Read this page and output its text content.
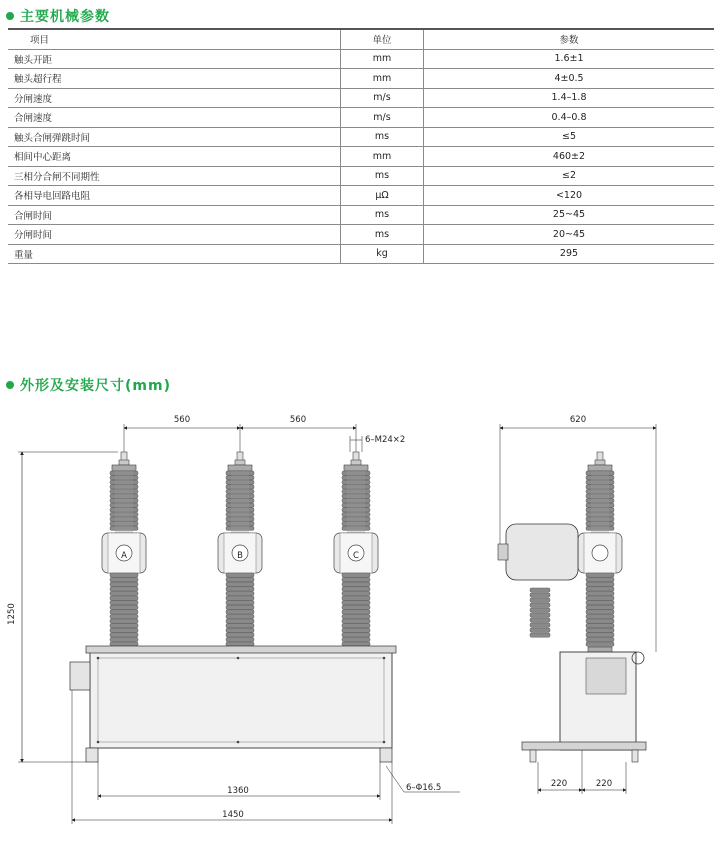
主要机械参数
项目	单位	参数
触头开距	mm	1.6±1
触头超行程	mm	4±0.5
分闸速度	m/s	1.4–1.8
合闸速度	m/s	0.4–0.8
触头合闸弹跳时间	ms	≤5
相间中心距离	mm	460±2
三相分合闸不同期性	ms	≤2
各相导电回路电阻	μΩ	<120
合闸时间	ms	25~45
分闸时间	ms	20~45
重量	kg	295
外形及安装尺寸(mm)
560	560
6–M24×2
1250
1360
1450
6–Φ16.5
620
220	220
A	B	C
